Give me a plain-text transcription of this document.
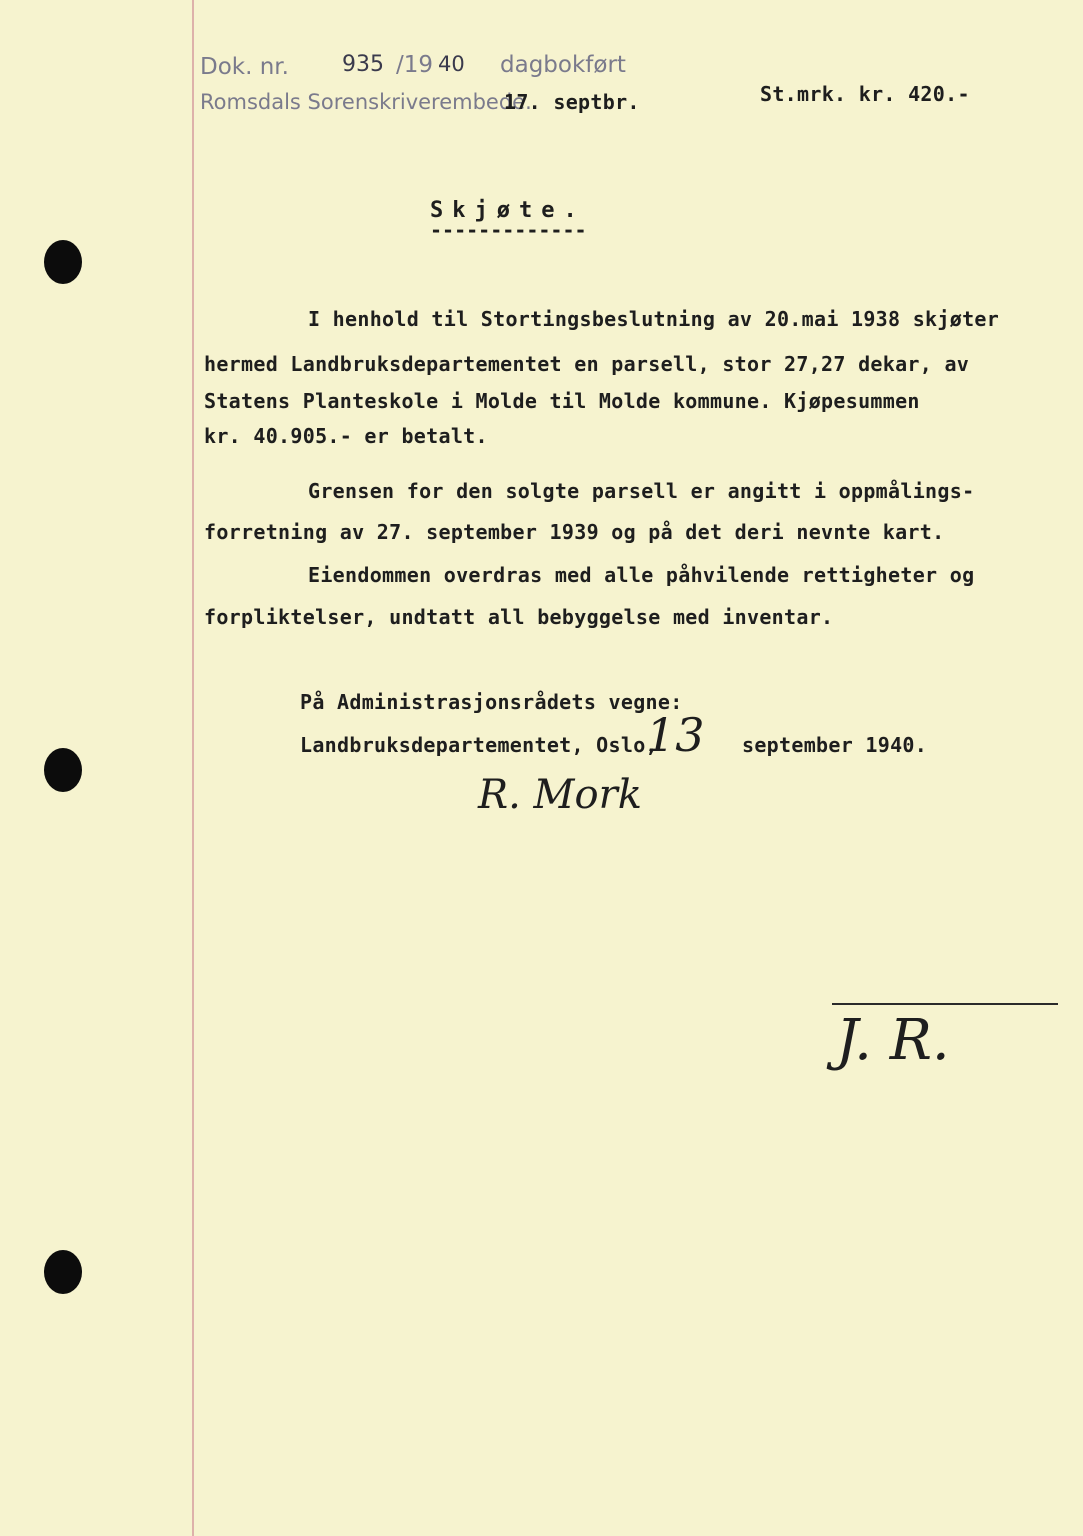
Dok. nr. 935 /19 40 dagbokført
Romsdals Sorenskriverembede.
17. septbr.	St.mrk. kr. 420.-
Skjøte.
-------------
I henhold til Stortingsbeslutning av 20.mai 1938 skjøter
hermed Landbruksdepartementet en parsell, stor 27,27 dekar, av
Statens Planteskole i Molde til Molde kommune. Kjøpesummen
kr. 40.905.- er betalt.
Grensen for den solgte parsell er angitt i oppmålings-
forretning av 27. september 1939 og på det deri nevnte kart.
Eiendommen overdras med alle påhvilende rettigheter og
forpliktelser, undtatt all bebyggelse med inventar.
På Administrasjonsrådets vegne:
Landbruksdepartementet, Oslo,
13 september 1940.
R. Mork
J. R.
